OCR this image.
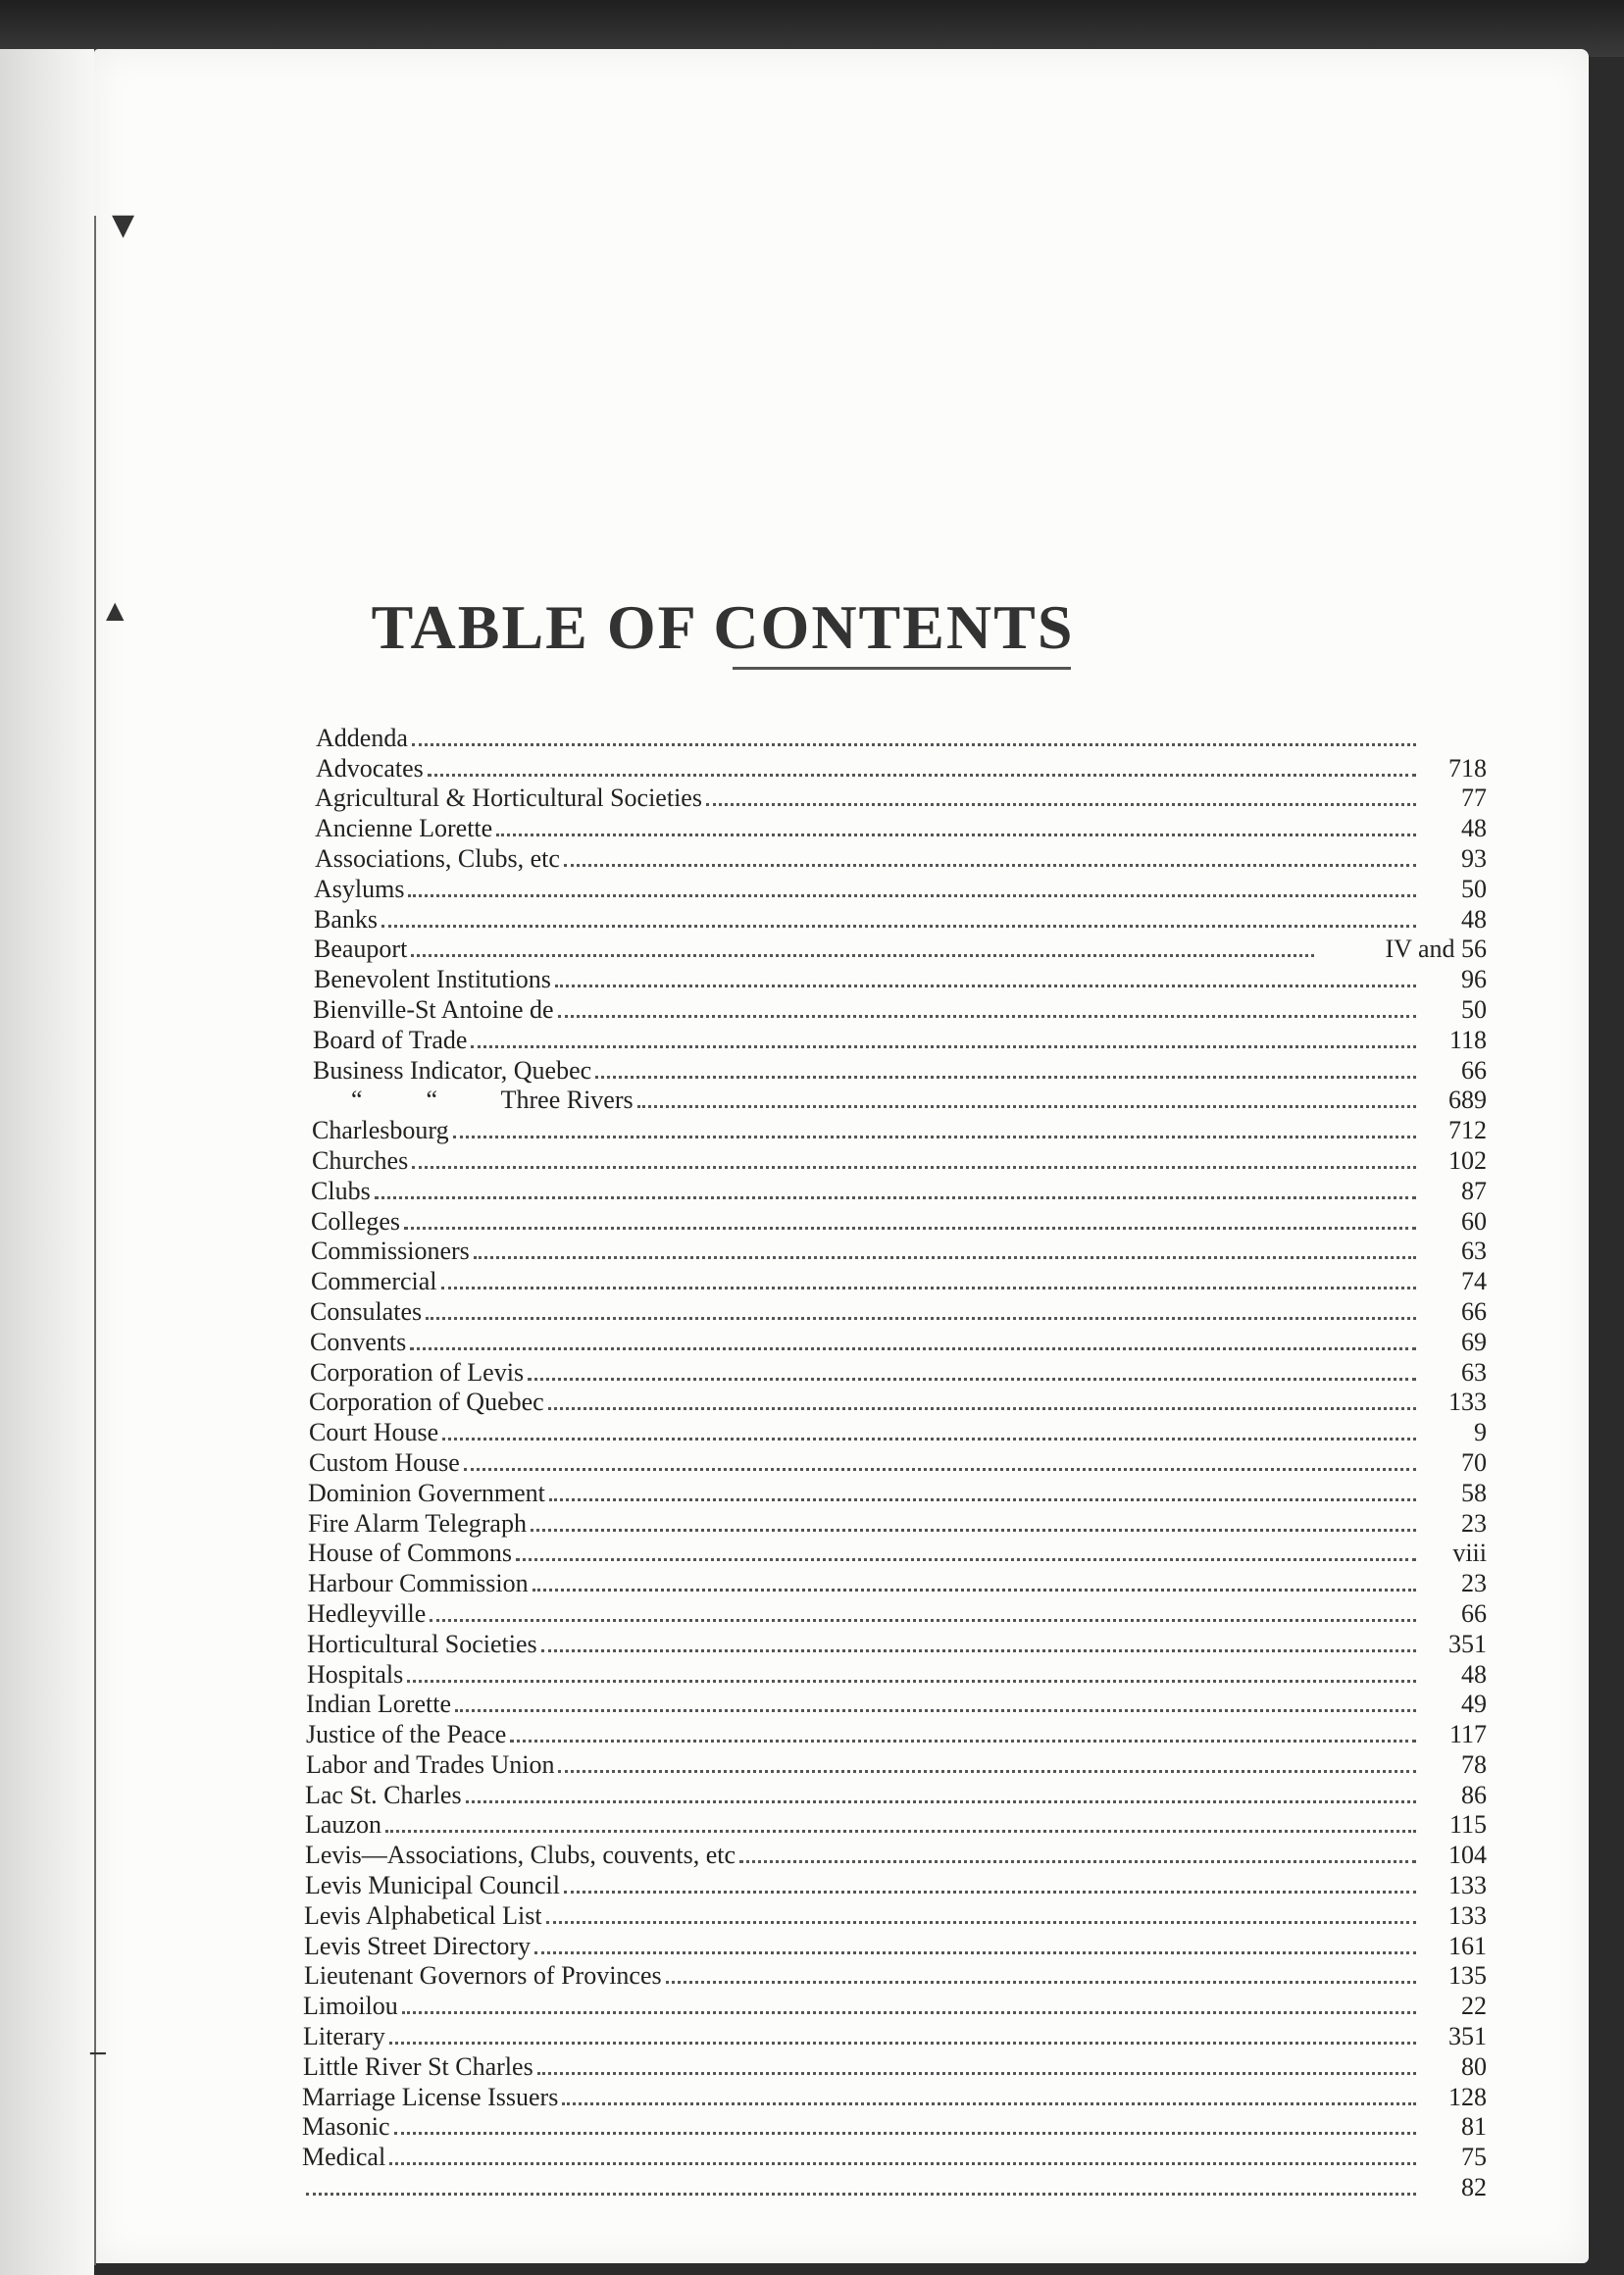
▼
▲
─
TABLE OF CONTENTS
Addenda
Advocates	718
Agricultural & Horticultural Societies	77
Ancienne Lorette	48
Associations, Clubs, etc	93
Asylums	50
Banks	48
Beauport	IV and 56
Benevolent Institutions	96
Bienville-St Antoine de	50
Board of Trade	118
Business Indicator, Quebec	66
“          “          Three Rivers	689
Charlesbourg	712
Churches	102
Clubs	87
Colleges	60
Commissioners	63
Commercial	74
Consulates	66
Convents	69
Corporation of Levis	63
Corporation of Quebec	133
Court House	9
Custom House	70
Dominion Government	58
Fire Alarm Telegraph	23
House of Commons	viii
Harbour Commission	23
Hedleyville	66
Horticultural Societies	351
Hospitals	48
Indian Lorette	49
Justice of the Peace	117
Labor and Trades Union	78
Lac St. Charles	86
Lauzon	115
Levis—Associations, Clubs, couvents, etc	104
Levis Municipal Council	133
Levis Alphabetical List	133
Levis Street Directory	161
Lieutenant Governors of Provinces	135
Limoilou	22
Literary	351
Little River St Charles	80
Marriage License Issuers	128
Masonic	81
Medical	75
82
